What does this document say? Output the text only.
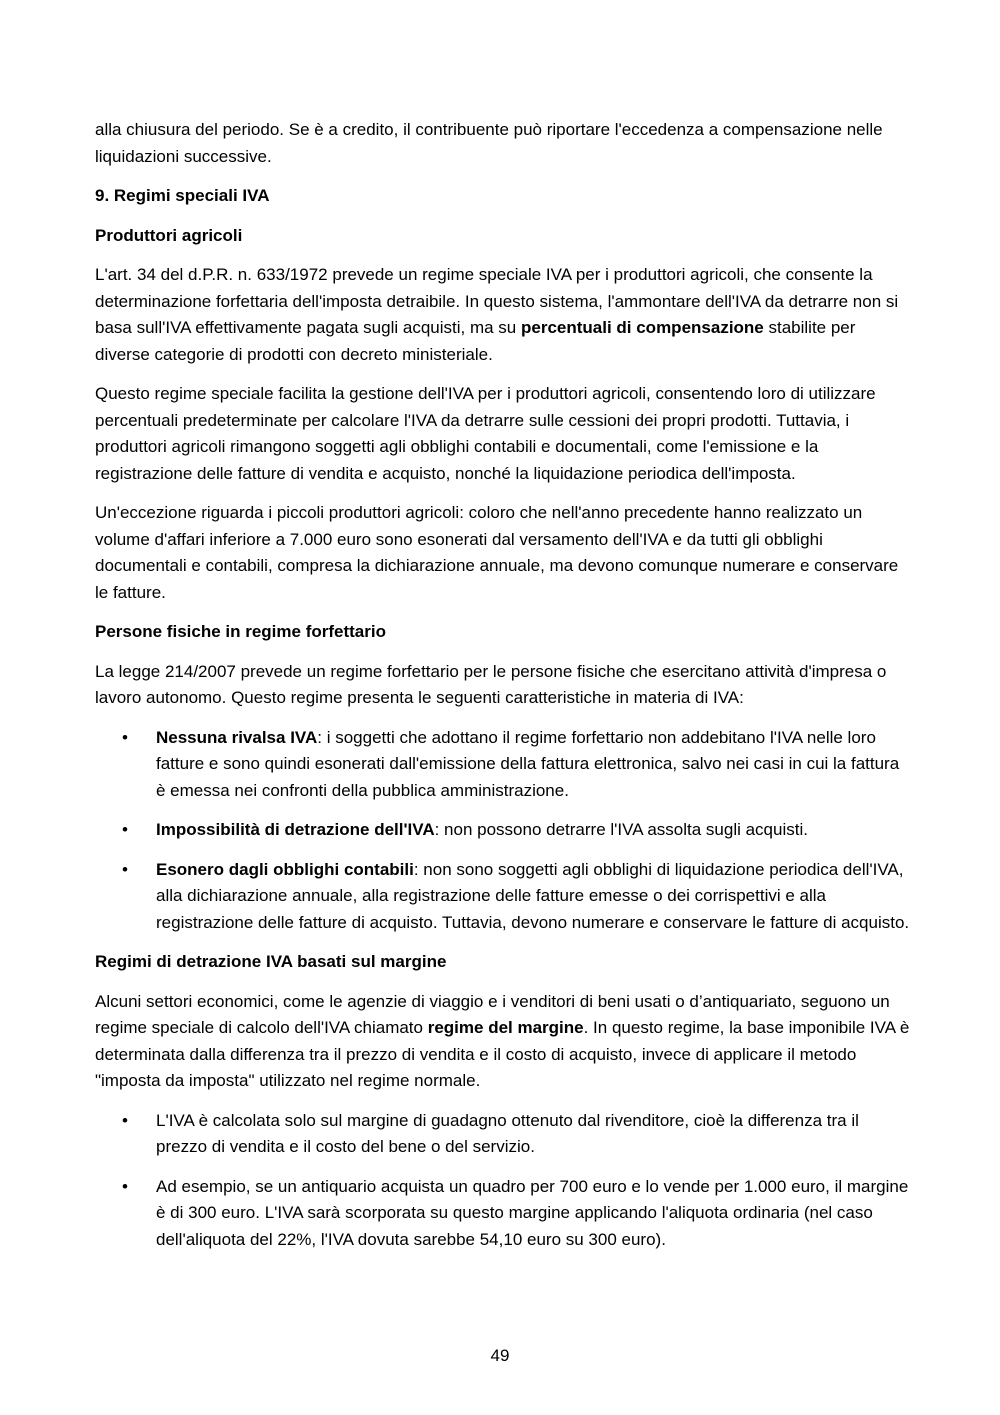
alla chiusura del periodo. Se è a credito, il contribuente può riportare l'eccedenza a compensazione nelle liquidazioni successive.

9. Regimi speciali IVA

Produttori agricoli

L'art. 34 del d.P.R. n. 633/1972 prevede un regime speciale IVA per i produttori agricoli, che consente la determinazione forfettaria dell'imposta detraibile. In questo sistema, l'ammontare dell'IVA da detrarre non si basa sull'IVA effettivamente pagata sugli acquisti, ma su percentuali di compensazione stabilite per diverse categorie di prodotti con decreto ministeriale.

Questo regime speciale facilita la gestione dell'IVA per i produttori agricoli, consentendo loro di utilizzare percentuali predeterminate per calcolare l'IVA da detrarre sulle cessioni dei propri prodotti. Tuttavia, i produttori agricoli rimangono soggetti agli obblighi contabili e documentali, come l'emissione e la registrazione delle fatture di vendita e acquisto, nonché la liquidazione periodica dell'imposta.

Un'eccezione riguarda i piccoli produttori agricoli: coloro che nell'anno precedente hanno realizzato un volume d'affari inferiore a 7.000 euro sono esonerati dal versamento dell'IVA e da tutti gli obblighi documentali e contabili, compresa la dichiarazione annuale, ma devono comunque numerare e conservare le fatture.

Persone fisiche in regime forfettario

La legge 214/2007 prevede un regime forfettario per le persone fisiche che esercitano attività d'impresa o lavoro autonomo. Questo regime presenta le seguenti caratteristiche in materia di IVA:

• Nessuna rivalsa IVA: i soggetti che adottano il regime forfettario non addebitano l'IVA nelle loro fatture e sono quindi esonerati dall'emissione della fattura elettronica, salvo nei casi in cui la fattura è emessa nei confronti della pubblica amministrazione.
• Impossibilità di detrazione dell'IVA: non possono detrarre l'IVA assolta sugli acquisti.
• Esonero dagli obblighi contabili: non sono soggetti agli obblighi di liquidazione periodica dell'IVA, alla dichiarazione annuale, alla registrazione delle fatture emesse o dei corrispettivi e alla registrazione delle fatture di acquisto. Tuttavia, devono numerare e conservare le fatture di acquisto.

Regimi di detrazione IVA basati sul margine

Alcuni settori economici, come le agenzie di viaggio e i venditori di beni usati o d’antiquariato, seguono un regime speciale di calcolo dell'IVA chiamato regime del margine. In questo regime, la base imponibile IVA è determinata dalla differenza tra il prezzo di vendita e il costo di acquisto, invece di applicare il metodo "imposta da imposta" utilizzato nel regime normale.

• L'IVA è calcolata solo sul margine di guadagno ottenuto dal rivenditore, cioè la differenza tra il prezzo di vendita e il costo del bene o del servizio.
• Ad esempio, se un antiquario acquista un quadro per 700 euro e lo vende per 1.000 euro, il margine è di 300 euro. L'IVA sarà scorporata su questo margine applicando l'aliquota ordinaria (nel caso dell'aliquota del 22%, l'IVA dovuta sarebbe 54,10 euro su 300 euro).
49
